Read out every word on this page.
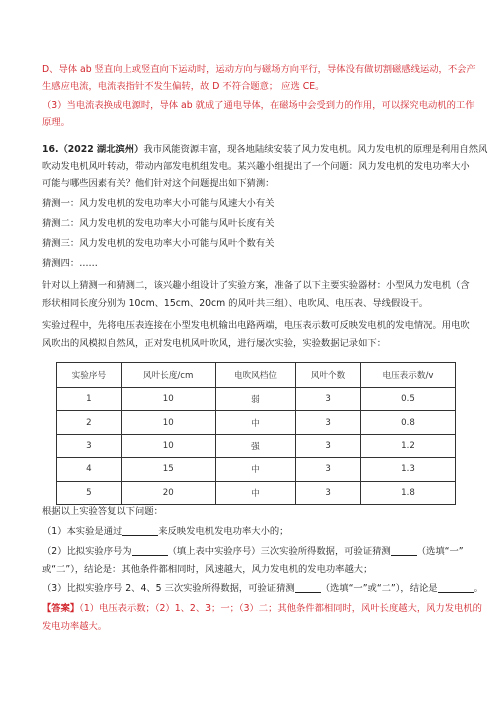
D、导体 ab 竖直向上或竖直向下运动时，运动方向与磁场方向平行，导体没有做切割磁感线运动，不会产
生感应电流，电流表指针不发生偏转，故 D 不符合题意； 应选 CE。
（3）当电流表换成电源时，导体 ab 就成了通电导体，在磁场中会受到力的作用，可以探究电动机的工作
原理。
16.（2022 湖北滨州）我市风能资源丰富，现各地陆续安装了风力发电机。风力发电机的原理是利用自然风
吹动发电机风叶转动，带动内部发电机组发电。某兴趣小组提出了一个问题：风力发电机的发电功率大小
可能与哪些因素有关？他们针对这个问题提出如下猜测：
猜测一：风力发电机的发电功率大小可能与风速大小有关
猜测二：风力发电机的发电功率大小可能与风叶长度有关
猜测三：风力发电机的发电功率大小可能与风叶个数有关
猜测四：……
针对以上猜测一和猜测二，该兴趣小组设计了实验方案，准备了以下主要实验器材：小型风力发电机（含
形状相同长度分别为 10cm、15cm、20cm 的风叶共三组）、电吹风、电压表、导线假设干。
实验过程中，先将电压表连接在小型发电机输出电路两端，电压表示数可反映发电机的发电情况。用电吹
风吹出的风模拟自然风，正对发电机风叶吹风，进行屡次实验，实验数据记录如下：
实验序号	风叶长度/cm	电吹风档位	风叶个数	电压表示数/v
1	10	弱	3	0.5
2	10	中	3	0.8
3	10	强	3	1.2
4	15	中	3	1.3
5	20	中	3	1.8
根据以上实验答复以下问题：
（1）本实验是通过	来反映发电机发电功率大小的；
（2）比拟实验序号为	（填上表中实验序号）三次实验所得数据，可验证猜测	（选填“一”
或“二”），结论是：其他条件都相同时，风速越大，风力发电机的发电功率越大；
（3）比拟实验序号 2、4、5 三次实验所得数据，可验证猜测	（选填“一”或“二”），结论是	。
【答案】（1）电压表示数；（2）1、2、3；一；（3）二；其他条件都相同时，风叶长度越大，风力发电机的
发电功率越大。
